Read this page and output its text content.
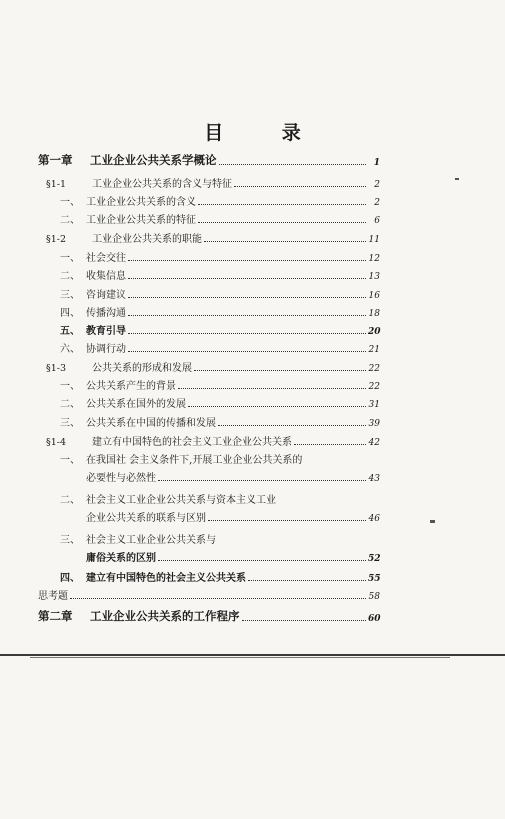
目 录
第一章	工业企业公共关系学概论	1
§1-1	工业企业公共关系的含义与特征	2
一、 工业企业公共关系的含义	2
二、 工业企业公共关系的特征	6
§1-2	工业企业公共关系的职能	11
一、 社会交往	12
二、 收集信息	13
三、 咨询建议	16
四、 传播沟通	18
五、 教育引导	20
六、 协调行动	21
§1-3	公共关系的形成和发展	22
一、 公共关系产生的背景	22
二、 公共关系在国外的发展	31
三、 公共关系在中国的传播和发展	39
§1-4	建立有中国特色的社会主义工业企业公共关系	42
一、 在我国社 会主义条件下,开展工业企业公共关系的
必要性与必然性	43
二、 社会主义工业企业公共关系与资本主义工业
企业公共关系的联系与区别	46
三、 社会主义工业企业公共关系与
庸俗关系的区别	52
四、 建立有中国特色的社会主义公共关系	55
思考题	58
第二章	工业企业公共关系的工作程序	60
